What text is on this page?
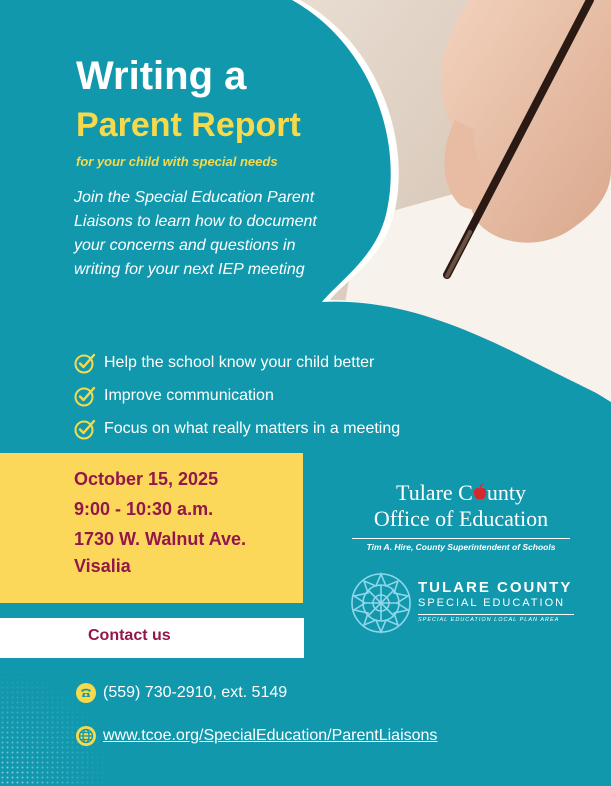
Writing a
Parent Report
for your child with special needs
Join the Special Education Parent Liaisons to learn how to document your concerns and questions in writing for your next IEP meeting
Help the school know your child better
Improve communication
Focus on what really matters in a meeting
October 15, 2025
9:00 - 10:30 a.m.
1730 W. Walnut Ave.
Visalia
Contact us
Tulare C unty
Office of Education
Tim A. Hire, County Superintendent of Schools
TULARE COUNTY
SPECIAL EDUCATION
SPECIAL EDUCATION LOCAL PLAN AREA
(559) 730-2910, ext. 5149
www.tcoe.org/SpecialEducation/ParentLiaisons
